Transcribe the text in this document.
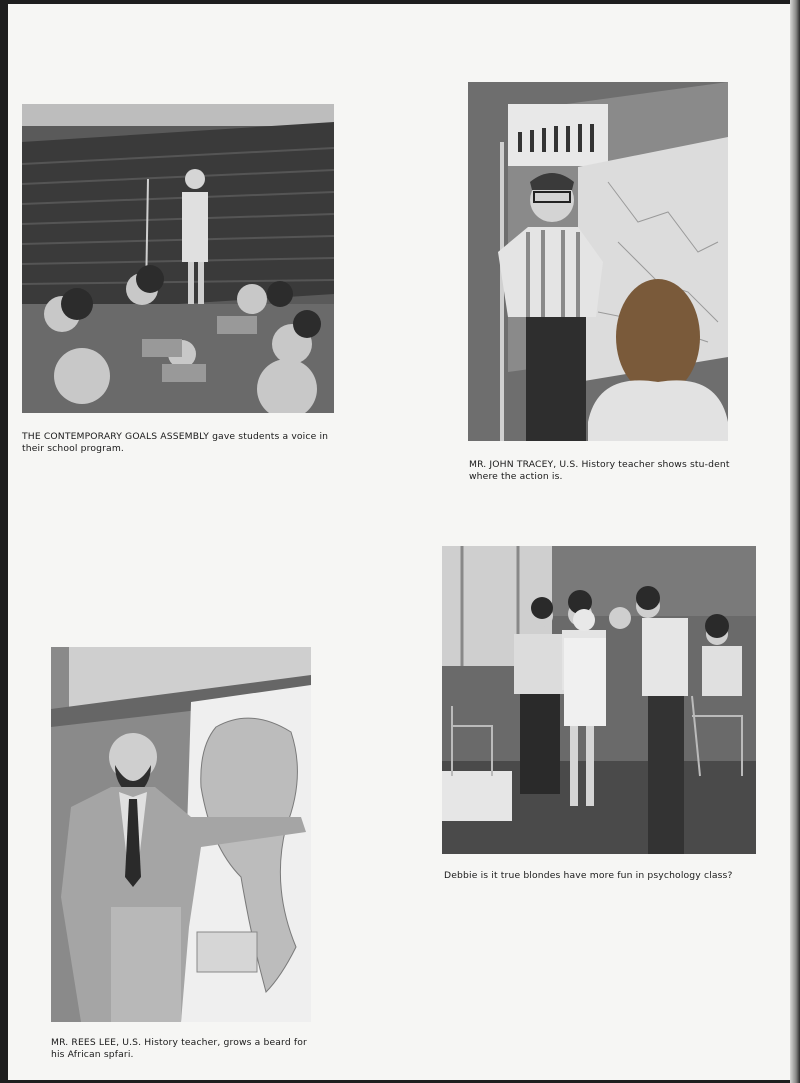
THE CONTEMPORARY GOALS ASSEMBLY gave students a voice in their school program.
MR. JOHN TRACEY, U.S. History teacher shows stu-dent where the action is.
MR. REES LEE, U.S. History teacher, grows a beard for his African spfari.
Debbie is it true blondes have more fun in psychology class?
